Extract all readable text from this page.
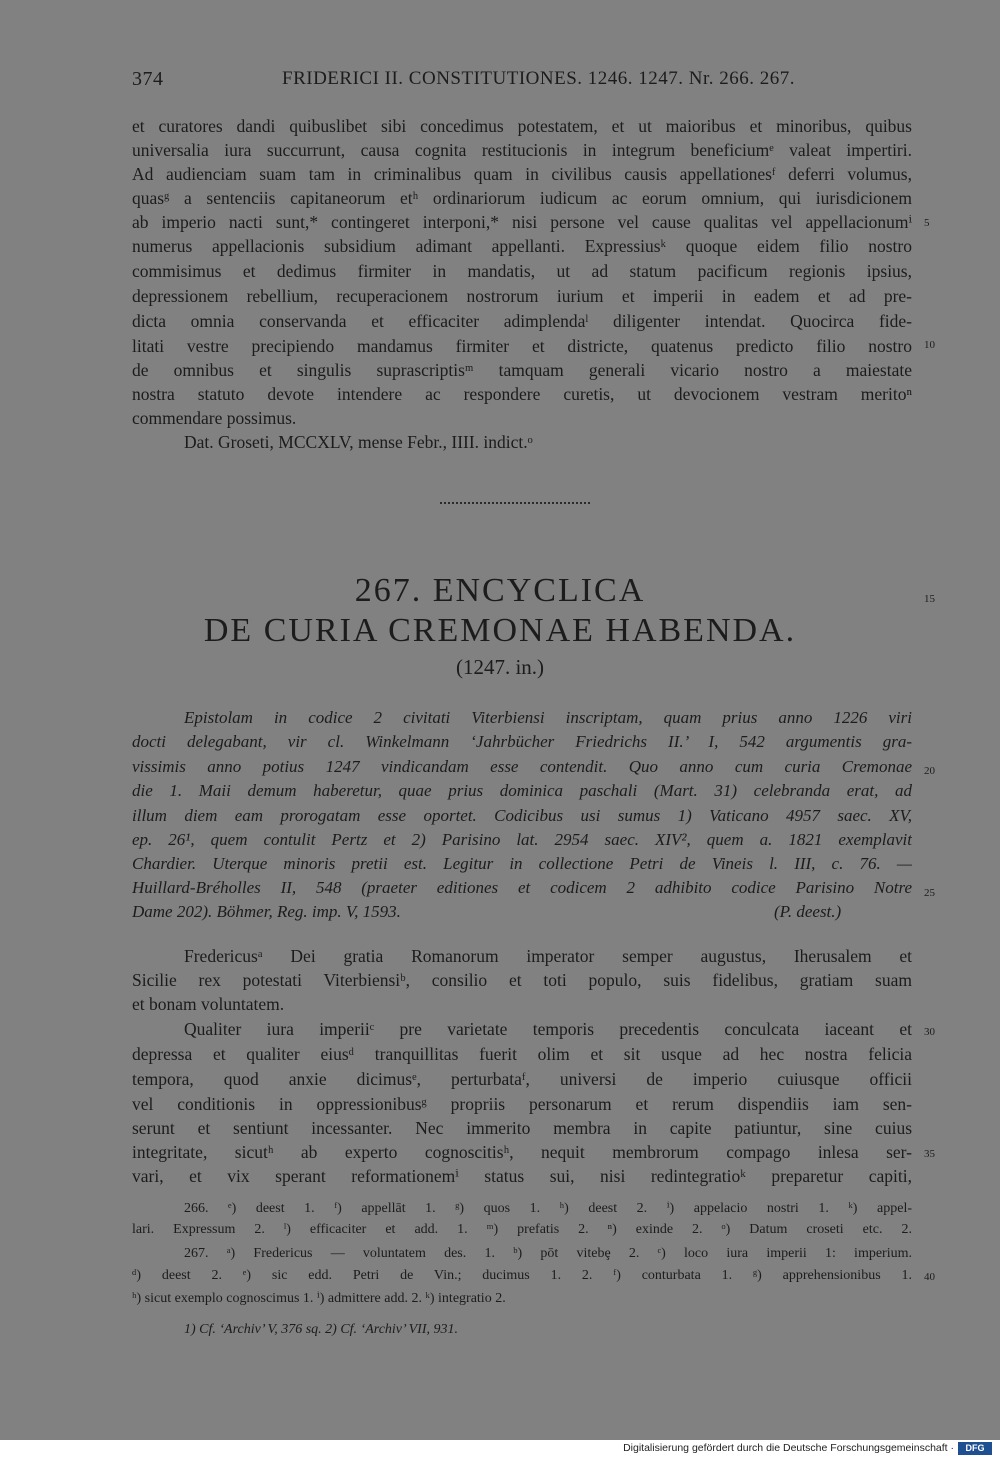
374	FRIDERICI II. CONSTITUTIONES. 1246. 1247. Nr. 266. 267.
et curatores dandi quibuslibet sibi concedimus potestatem, et ut maioribus et minoribus, quibus
universalia iura succurrunt, causa cognita restitucionis in integrum beneficiumᵉ valeat impertiri.
Ad audienciam suam tam in criminalibus quam in civilibus causis appellationesᶠ deferri volumus,
quasᵍ a sentenciis capitaneorum etʰ ordinariorum iudicum ac eorum omnium, qui iurisdicionem
ab imperio nacti sunt,* contingeret interponi,* nisi persone vel cause qualitas vel appellacionumⁱ
numerus appellacionis subsidium adimant appellanti. Expressiusᵏ quoque eidem filio nostro
commisimus et dedimus firmiter in mandatis, ut ad statum pacificum regionis ipsius,
depressionem rebellium, recuperacionem nostrorum iurium et imperii in eadem et ad pre-
dicta omnia conservanda et efficaciter adimplendaˡ diligenter intendat. Quocirca fide-
litati vestre precipiendo mandamus firmiter et districte, quatenus predicto filio nostro
de omnibus et singulis suprascriptisᵐ tamquam generali vicario nostro a maiestate
nostra statuto devote intendere ac respondere curetis, ut devocionem vestram meritoⁿ
commendare possimus.
Dat. Groseti, MCCXLV, mense Febr., IIII. indict.ᵒ
267. ENCYCLICA
DE CURIA CREMONAE HABENDA.
(1247. in.)
Epistolam in codice 2 civitati Viterbiensi inscriptam, quam prius anno 1226 viri
docti delegabant, vir cl. Winkelmann ‘Jahrbücher Friedrichs II.’ I, 542 argumentis gra-
vissimis anno potius 1247 vindicandam esse contendit. Quo anno cum curia Cremonae
die 1. Maii demum haberetur, quae prius dominica paschali (Mart. 31) celebranda erat, ad
illum diem eam prorogatam esse oportet. Codicibus usi sumus 1) Vaticano 4957 saec. XV,
ep. 26¹, quem contulit Pertz et 2) Parisino lat. 2954 saec. XIV², quem a. 1821 exemplavit
Chardier. Uterque minoris pretii est. Legitur in collectione Petri de Vineis l. III, c. 76. —
Huillard-Bréholles II, 548 (praeter editiones et codicem 2 adhibito codice Parisino Notre
Dame 202). Böhmer, Reg. imp. V, 1593.	(P. deest.)
Fredericusᵃ Dei gratia Romanorum imperator semper augustus, Iherusalem et
Sicilie rex potestati Viterbiensiᵇ, consilio et toti populo, suis fidelibus, gratiam suam
et bonam voluntatem.
Qualiter iura imperiiᶜ pre varietate temporis precedentis conculcata iaceant et
depressa et qualiter eiusᵈ tranquillitas fuerit olim et sit usque ad hec nostra felicia
tempora, quod anxie dicimusᵉ, perturbataᶠ, universi de imperio cuiusque officii
vel conditionis in oppressionibusᵍ propriis personarum et rerum dispendiis iam sen-
serunt et sentiunt incessanter. Nec immerito membra in capite patiuntur, sine cuius
integritate, sicutʰ ab experto cognoscitisʰ, nequit membrorum compago inlesa ser-
vari, et vix sperant reformationemⁱ status sui, nisi redintegratioᵏ preparetur capiti,
266. ᵉ) deest 1. ᶠ) appellāt 1. ᵍ) quos 1. ʰ) deest 2. ⁱ) appelacio nostri 1. ᵏ) appel-
lari. Expressum 2. ˡ) efficaciter et add. 1. ᵐ) prefatis 2. ⁿ) exinde 2. ᵒ) Datum croseti etc. 2.
267. ᵃ) Fredericus — voluntatem des. 1. ᵇ) pōt vitebȩ 2. ᶜ) loco iura imperii 1: imperium.
ᵈ) deest 2. ᵉ) sic edd. Petri de Vin.; ducimus 1. 2. ᶠ) conturbata 1. ᵍ) apprehensionibus 1.
ʰ) sicut exemplo cognoscimus 1. ⁱ) admittere add. 2. ᵏ) integratio 2.
1) Cf. ‘Archiv’ V, 376 sq. 2) Cf. ‘Archiv’ VII, 931.
5
10
15
20
25
30
35
40
Digitalisierung gefördert durch die Deutsche Forschungsgemeinschaft ·	DFG
